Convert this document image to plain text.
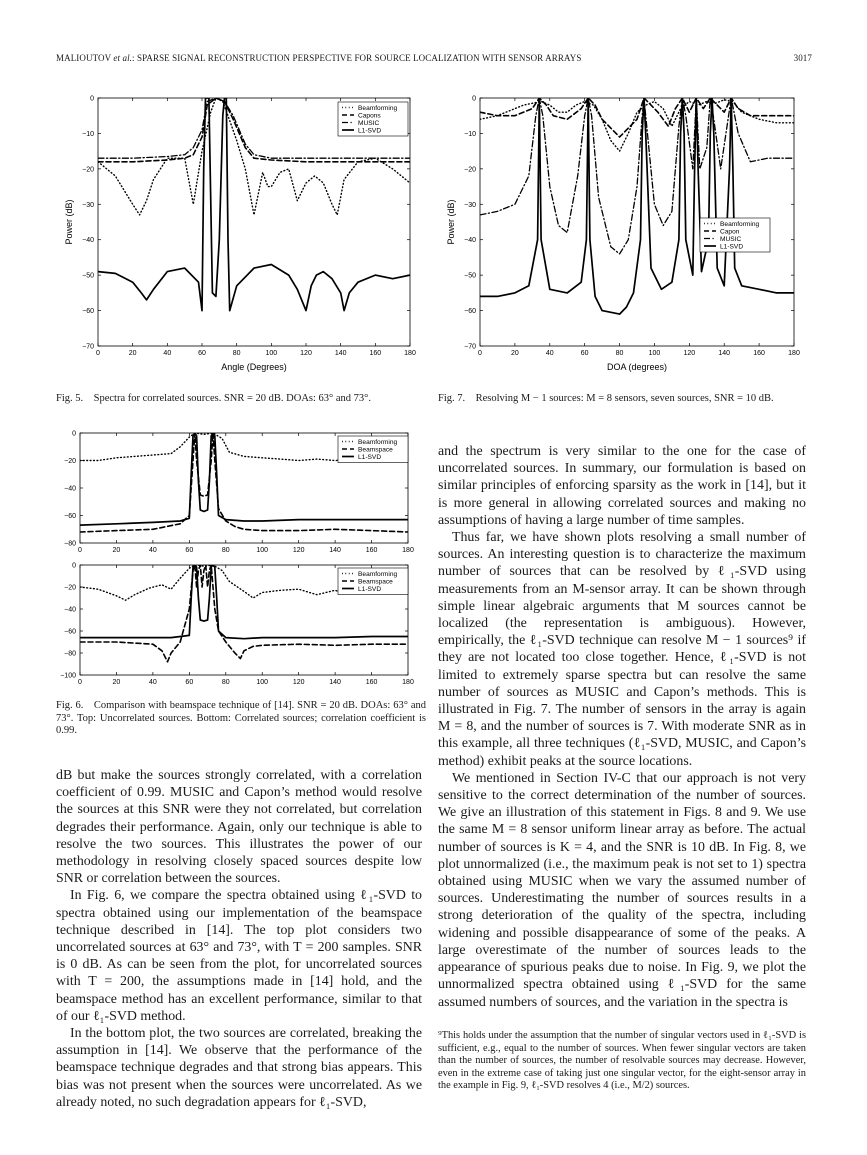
MALIOUTOV et al.: SPARSE SIGNAL RECONSTRUCTION PERSPECTIVE FOR SOURCE LOCALIZATION WITH SENSOR ARRAYS	3017
0	20	40	60	80	100	120	140	160	180
0
−10
−20
−30
−40
−50
−60
−70
Angle (Degrees)
Power (dB)
Beamforming
Capons
MUSIC
L1-SVD
Fig. 5. Spectra for correlated sources. SNR = 20 dB. DOAs: 63° and 73°.
0	20	40	60	80	100	120	140	160	180
0
−10
−20
−30
−40
−50
−60
−70
DOA (degrees)
Power (dB)	Beamforming
Capon
MUSIC
L1-SVD
Fig. 7. Resolving M − 1 sources: M = 8 sensors, seven sources, SNR = 10 dB.
0	20	40	60	80	100	120	140	160	180
0
−20
−40
−60
−80
Beamforming
Beamspace
L1-SVD
0	20	40	60	80	100	120	140	160	180
0
−20
−40
−60
−80
−100
Beamforming
Beamspace
L1-SVD
Fig. 6. Comparison with beamspace technique of [14]. SNR = 20 dB. DOAs: 63° and 73°. Top: Uncorrelated sources. Bottom: Correlated sources; correlation coefficient is 0.99.

dB but make the sources strongly correlated, with a correlation coefficient of 0.99. MUSIC and Capon’s method would resolve the sources at this SNR were they not correlated, but correlation degrades their performance. Again, only our technique is able to resolve the two sources. This illustrates the power of our methodology in resolving closely spaced sources despite low SNR or correlation between the sources.

In Fig. 6, we compare the spectra obtained using ℓ₁-SVD to spectra obtained using our implementation of the beamspace technique described in [14]. The top plot considers two uncorrelated sources at 63° and 73°, with T = 200 samples. SNR is 0 dB. As can be seen from the plot, for uncorrelated sources with T = 200, the assumptions made in [14] hold, and the beamspace method has an excellent performance, similar to that of our ℓ₁-SVD method.

In the bottom plot, the two sources are correlated, breaking the assumption in [14]. We observe that the performance of the beamspace technique degrades and that strong bias appears. This bias was not present when the sources were uncorrelated. As we already noted, no such degradation appears for ℓ₁-SVD,

and the spectrum is very similar to the one for the case of uncorrelated sources. In summary, our formulation is based on similar principles of enforcing sparsity as the work in [14], but it is more general in allowing correlated sources and making no assumptions of having a large number of time samples.

Thus far, we have shown plots resolving a small number of sources. An interesting question is to characterize the maximum number of sources that can be resolved by ℓ₁-SVD using measurements from an M-sensor array. It can be shown through simple linear algebraic arguments that M sources cannot be localized (the representation is ambiguous). However, empirically, the ℓ₁-SVD technique can resolve M − 1 sources⁹ if they are not located too close together. Hence, ℓ₁-SVD is not limited to extremely sparse spectra but can resolve the same number of sources as MUSIC and Capon’s methods. This is illustrated in Fig. 7. The number of sensors in the array is again M = 8, and the number of sources is 7. With moderate SNR as in this example, all three techniques (ℓ₁-SVD, MUSIC, and Capon’s method) exhibit peaks at the source locations.

We mentioned in Section IV-C that our approach is not very sensitive to the correct determination of the number of sources. We give an illustration of this statement in Figs. 8 and 9. We use the same M = 8 sensor uniform linear array as before. The actual number of sources is K = 4, and the SNR is 10 dB. In Fig. 8, we plot unnormalized (i.e., the maximum peak is not set to 1) spectra obtained using MUSIC when we vary the assumed number of sources. Underestimating the number of sources results in a strong deterioration of the quality of the spectra, including widening and possible disappearance of some of the peaks. A large overestimate of the number of sources leads to the appearance of spurious peaks due to noise. In Fig. 9, we plot the unnormalized spectra obtained using ℓ₁-SVD for the same assumed numbers of sources, and the variation in the spectra is

⁹This holds under the assumption that the number of singular vectors used in ℓ₁-SVD is sufficient, e.g., equal to the number of sources. When fewer singular vectors are taken than the number of sources, the number of resolvable sources may decrease. However, even in the extreme case of taking just one singular vector, for the eight-sensor array in the example in Fig. 9, ℓ₁-SVD resolves 4 (i.e., M/2) sources.
